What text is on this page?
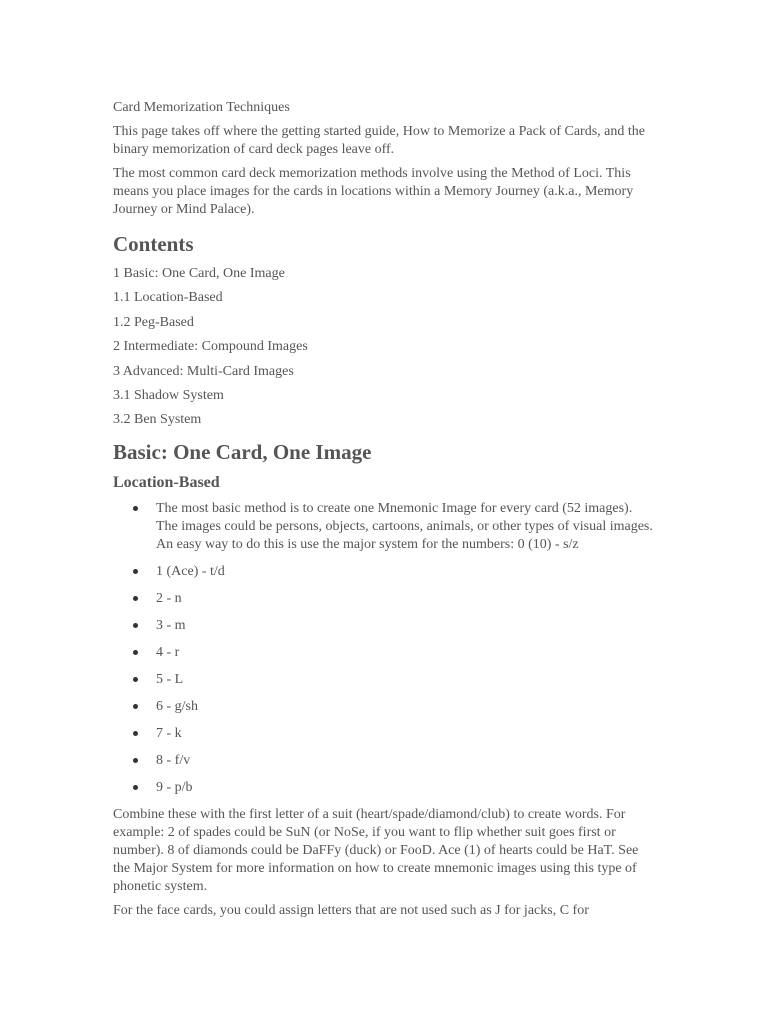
Card Memorization Techniques

This page takes off where the getting started guide, How to Memorize a Pack of Cards, and the binary memorization of card deck pages leave off.

The most common card deck memorization methods involve using the Method of Loci. This means you place images for the cards in locations within a Memory Journey (a.k.a., Memory Journey or Mind Palace).

Contents
1 Basic: One Card, One Image
1.1 Location-Based
1.2 Peg-Based
2 Intermediate: Compound Images
3 Advanced: Multi-Card Images
3.1 Shadow System
3.2 Ben System
Basic: One Card, One Image
Location-Based
The most basic method is to create one Mnemonic Image for every card (52 images). The images could be persons, objects, cartoons, animals, or other types of visual images. An easy way to do this is use the major system for the numbers: 0 (10) - s/z
1 (Ace) - t/d
2 - n
3 - m
4 - r
5 - L
6 - g/sh
7 - k
8 - f/v
9 - p/b

Combine these with the first letter of a suit (heart/spade/diamond/club) to create words. For example: 2 of spades could be SuN (or NoSe, if you want to flip whether suit goes first or number). 8 of diamonds could be DaFFy (duck) or FooD. Ace (1) of hearts could be HaT. See the Major System for more information on how to create mnemonic images using this type of phonetic system.

For the face cards, you could assign letters that are not used such as J for jacks, C for
